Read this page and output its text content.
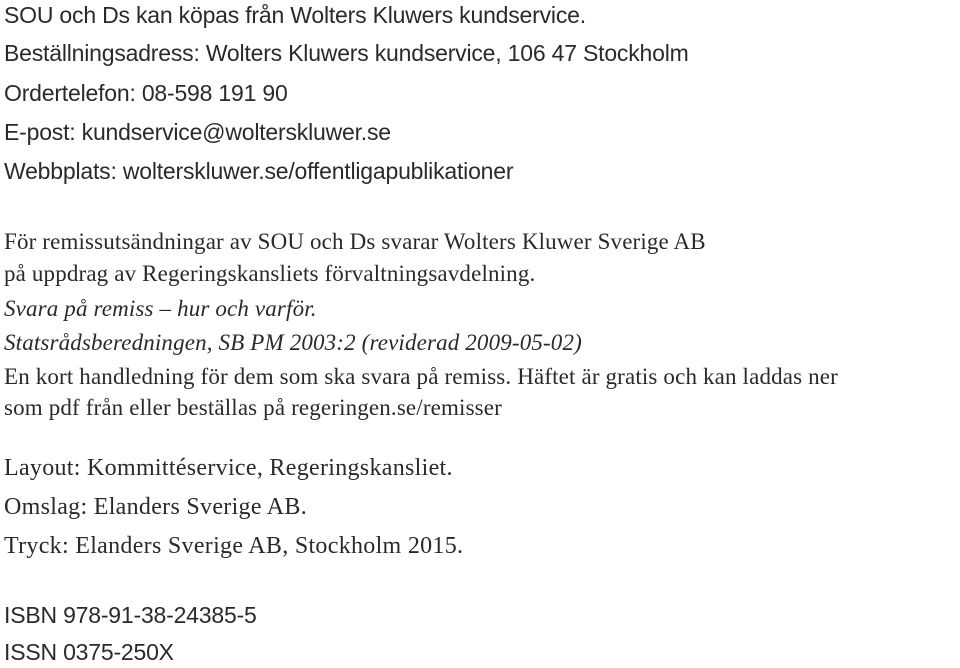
SOU och Ds kan köpas från Wolters Kluwers kundservice.
Beställningsadress: Wolters Kluwers kundservice, 106 47 Stockholm
Ordertelefon: 08-598 191 90
E-post: kundservice@wolterskluwer.se
Webbplats: wolterskluwer.se/offentligapublikationer
För remissutsändningar av SOU och Ds svarar Wolters Kluwer Sverige AB
på uppdrag av Regeringskansliets förvaltningsavdelning.
Svara på remiss – hur och varför.
Statsrådsberedningen, SB PM 2003:2 (reviderad 2009-05-02)
En kort handledning för dem som ska svara på remiss. Häftet är gratis och kan laddas ner
som pdf från eller beställas på regeringen.se/remisser
Layout: Kommittéservice, Regeringskansliet.
Omslag: Elanders Sverige AB.
Tryck: Elanders Sverige AB, Stockholm 2015.
ISBN 978-91-38-24385-5
ISSN 0375-250X
